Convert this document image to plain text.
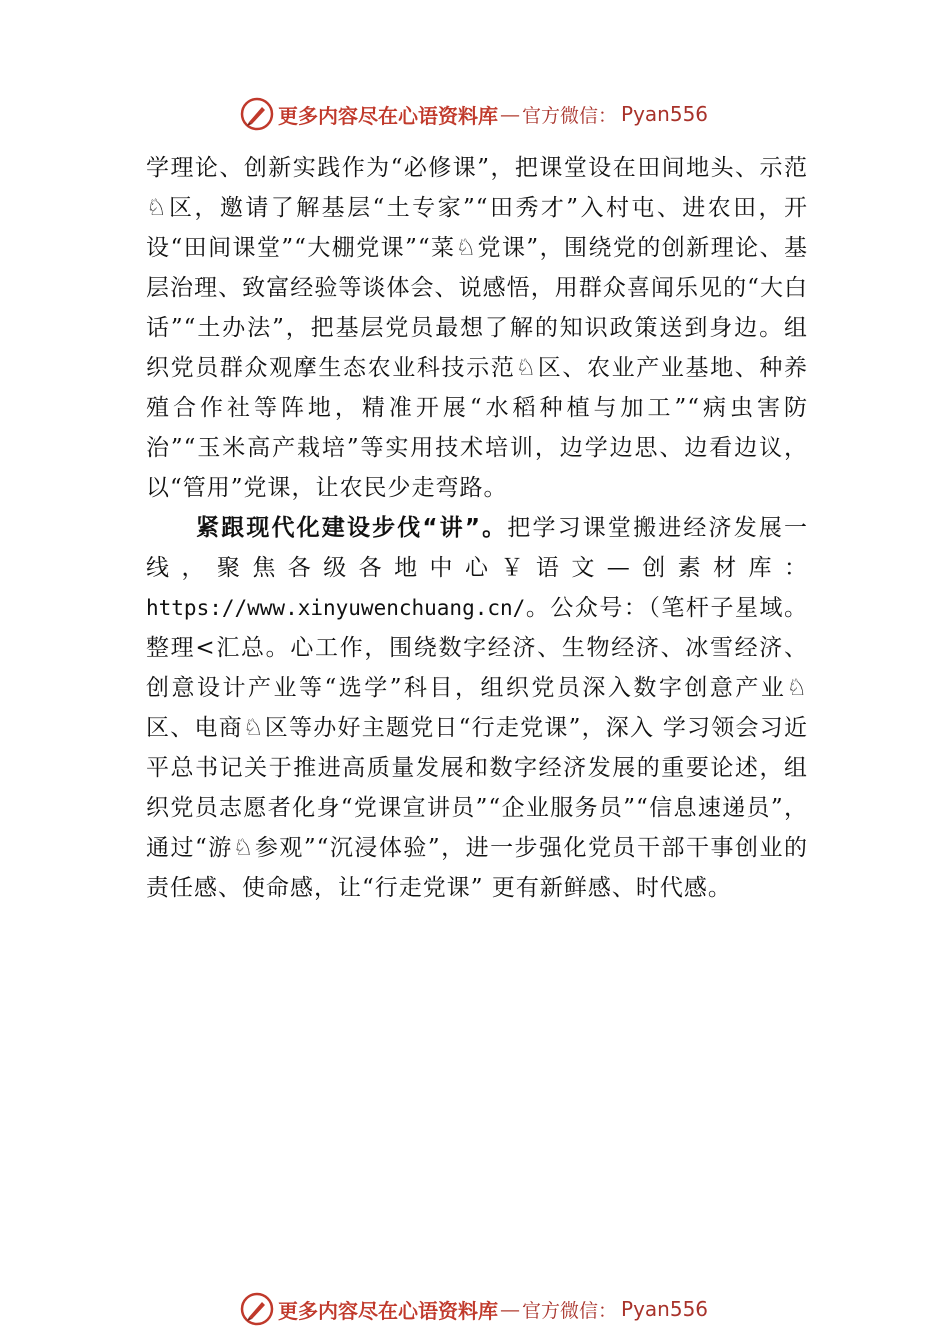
更多内容尽在心语资料库 — 官方微信： Pyan556

学理论、创新实践作为“必修课”，把课堂设在田间地头、示范♘区，邀请了解基层“土专家”“田秀才”入村屯、进农田，开设“田间课堂”“大棚党课”“菜♘党课”，围绕党的创新理论、基层治理、致富经验等谈体会、说感悟，用群众喜闻乐见的“大白话”“土办法”，把基层党员最想了解的知识政策送到身边。组织党员群众观摩生态农业科技示范♘区、农业产业基地、种养殖合作社等阵地，精准开展“水稻种植与加工”“病虫害防治”“玉米高产栽培”等实用技术培训，边学边思、边看边议，以“管用”党课，让农民少走弯路。

紧跟现代化建设步伐“讲”。把学习课堂搬进经济发展一线，聚焦各级各地中心￥语文—创素材库：https://www.xinyuwenchuang.cn/。公众号：（笔杆子星域。整理<汇总。心工作，围绕数字经济、生物经济、冰雪经济、创意设计产业等“选学”科目，组织党员深入数字创意产业♘区、电商♘区等办好主题党日“行走党课”，深入 学习领会习近平总书记关于推进高质量发展和数字经济发展的重要论述，组织党员志愿者化身“党课宣讲员”“企业服务员”“信息速递员”，通过“游♘参观”“沉浸体验”，进一步强化党员干部干事创业的责任感、使命感，让“行走党课” 更有新鲜感、时代感。

更多内容尽在心语资料库 — 官方微信： Pyan556
